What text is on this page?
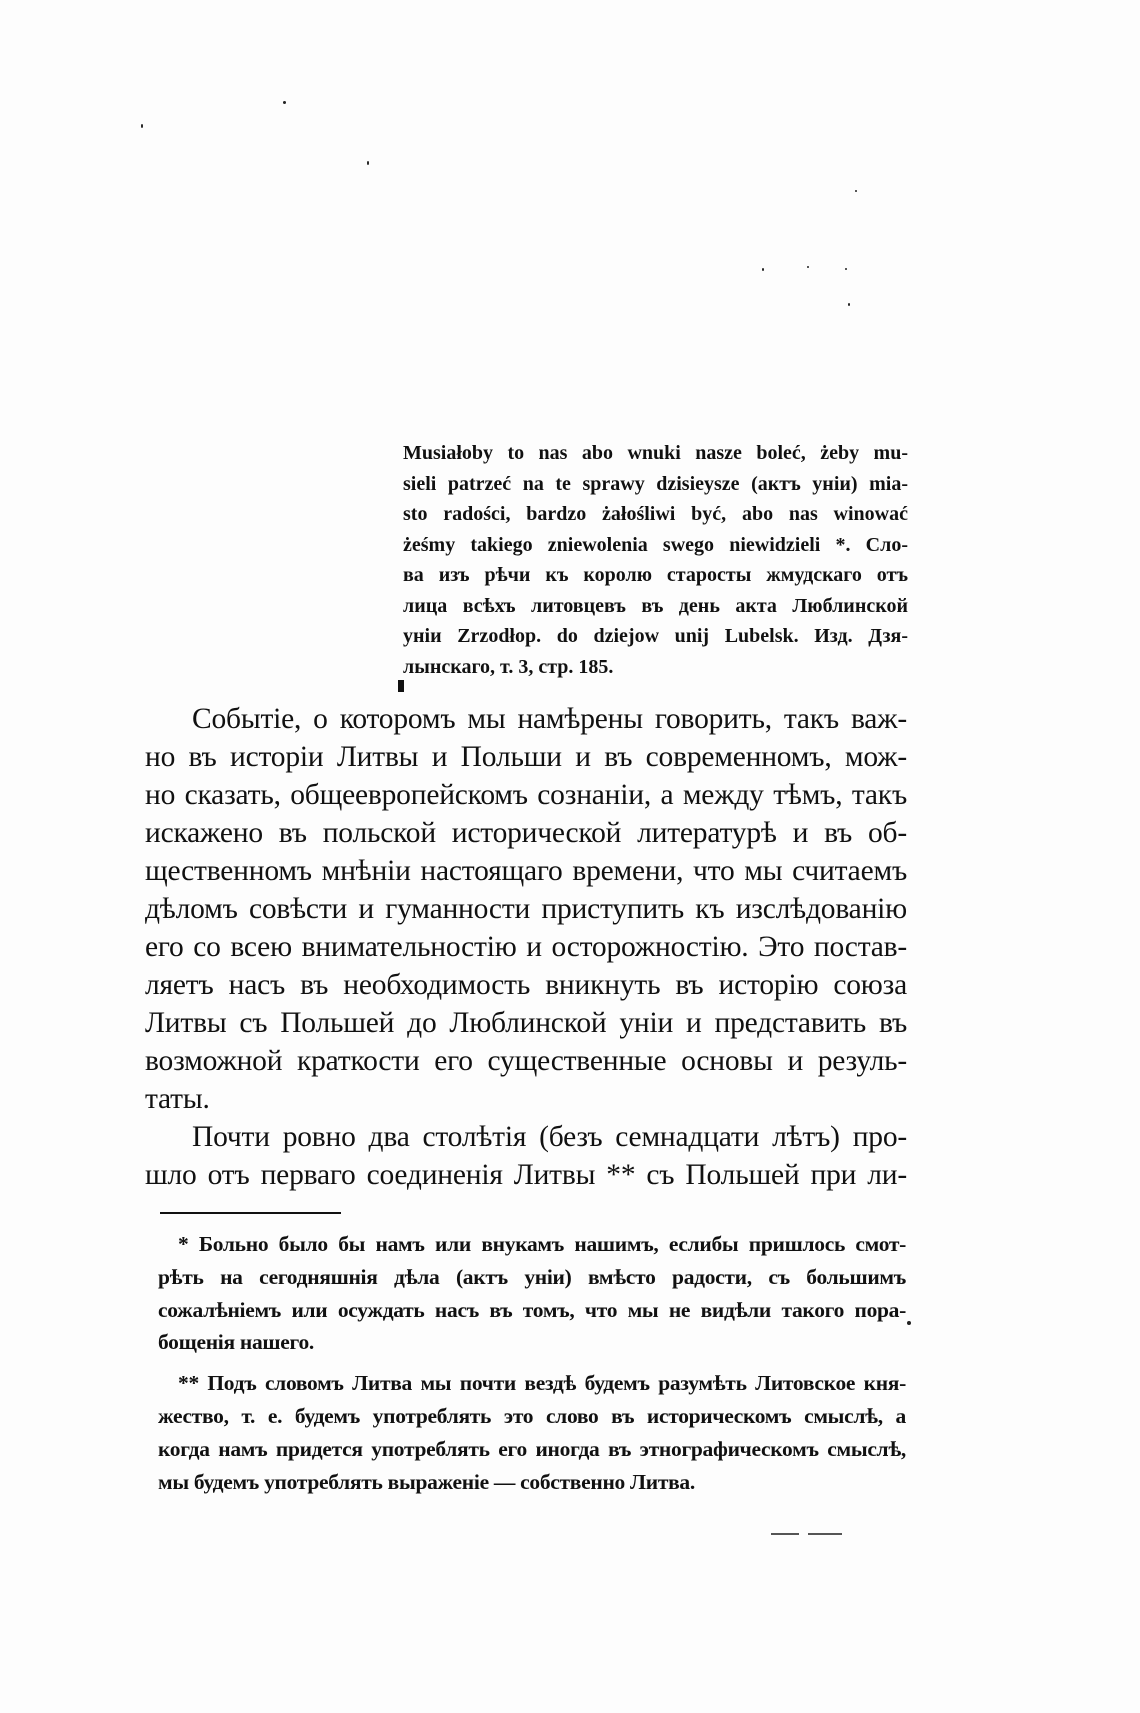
Musiałoby to nas abo wnuki nasze boleć, żeby mu-
sieli patrzeć na te sprawy dzisieysze (актъ уніи) mia-
sto radości, bardzo żałośliwi być, abo nas winować
żeśmy takiego zniewolenia swego niewidzieli *. Сло-
ва изъ рѣчи къ королю старосты жмудскаго отъ
лица всѣхъ литовцевъ въ день акта Люблинской
уніи Zrzodłop. do dziejow unij Lubelsk. Изд. Дзя-
лынскаго, т. 3, стр. 185.
Событіе, о которомъ мы намѣрены говорить, такъ важ-
но въ исторіи Литвы и Польши и въ современномъ, мож-
но сказать, общеевропейскомъ сознаніи, а между тѣмъ, такъ
искажено въ польской исторической литературѣ и въ об-
щественномъ мнѣніи настоящаго времени, что мы считаемъ
дѣломъ совѣсти и гуманности приступить къ изслѣдованію
его со всею внимательностію и осторожностію. Это постав-
ляетъ насъ въ необходимость вникнуть въ исторію союза
Литвы съ Польшей до Люблинской уніи и представить въ
возможной краткости его существенные основы и резуль-
таты.
Почти ровно два столѣтія (безъ семнадцати лѣтъ) про-
шло отъ перваго соединенія Литвы ** съ Польшей при ли-
* Больно было бы намъ или внукамъ нашимъ, еслибы пришлось смот-
рѣть на сегодняшнія дѣла (актъ уніи) вмѣсто радости, съ большимъ
сожалѣніемъ или осуждать насъ въ томъ, что мы не видѣли такого пора-
бощенія нашего.
** Подъ словомъ Литва мы почти вездѣ будемъ разумѣть Литовское кня-
жество, т. е. будемъ употреблять это слово въ историческомъ смыслѣ, а
когда намъ придется употреблять его иногда въ этнографическомъ смыслѣ,
мы будемъ употреблять выраженіе — собственно Литва.
